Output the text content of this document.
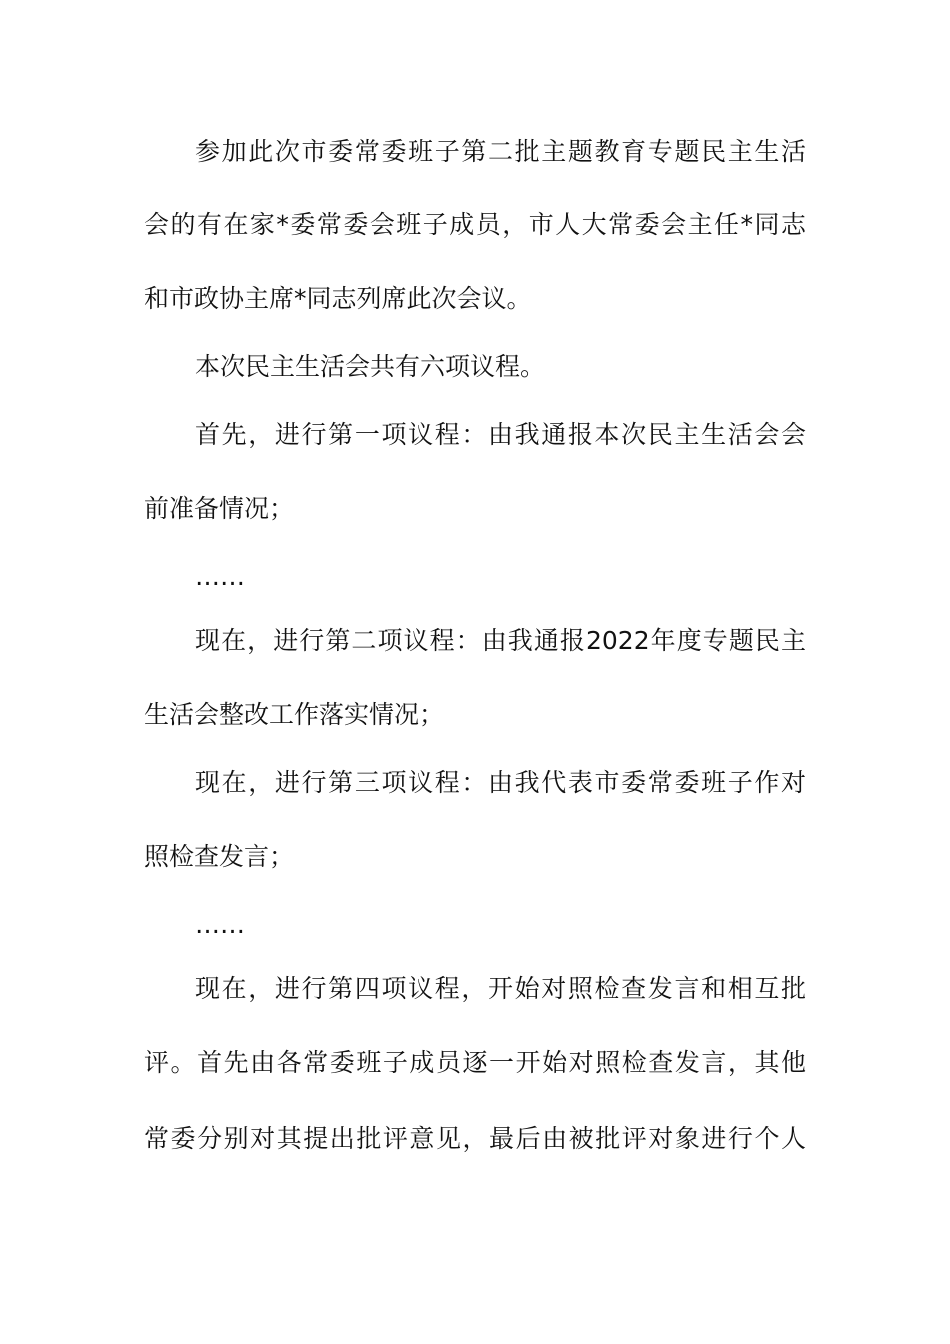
参加此次市委常委班子第二批主题教育专题民主生活
会的有在家*委常委会班子成员，市人大常委会主任*同志
和市政协主席*同志列席此次会议。
本次民主生活会共有六项议程。
首先，进行第一项议程：由我通报本次民主生活会会
前准备情况；
……
现在，进行第二项议程：由我通报2022年度专题民主
生活会整改工作落实情况；
现在，进行第三项议程：由我代表市委常委班子作对
照检查发言；
……
现在，进行第四项议程，开始对照检查发言和相互批
评。首先由各常委班子成员逐一开始对照检查发言，其他
常委分别对其提出批评意见，最后由被批评对象进行个人
